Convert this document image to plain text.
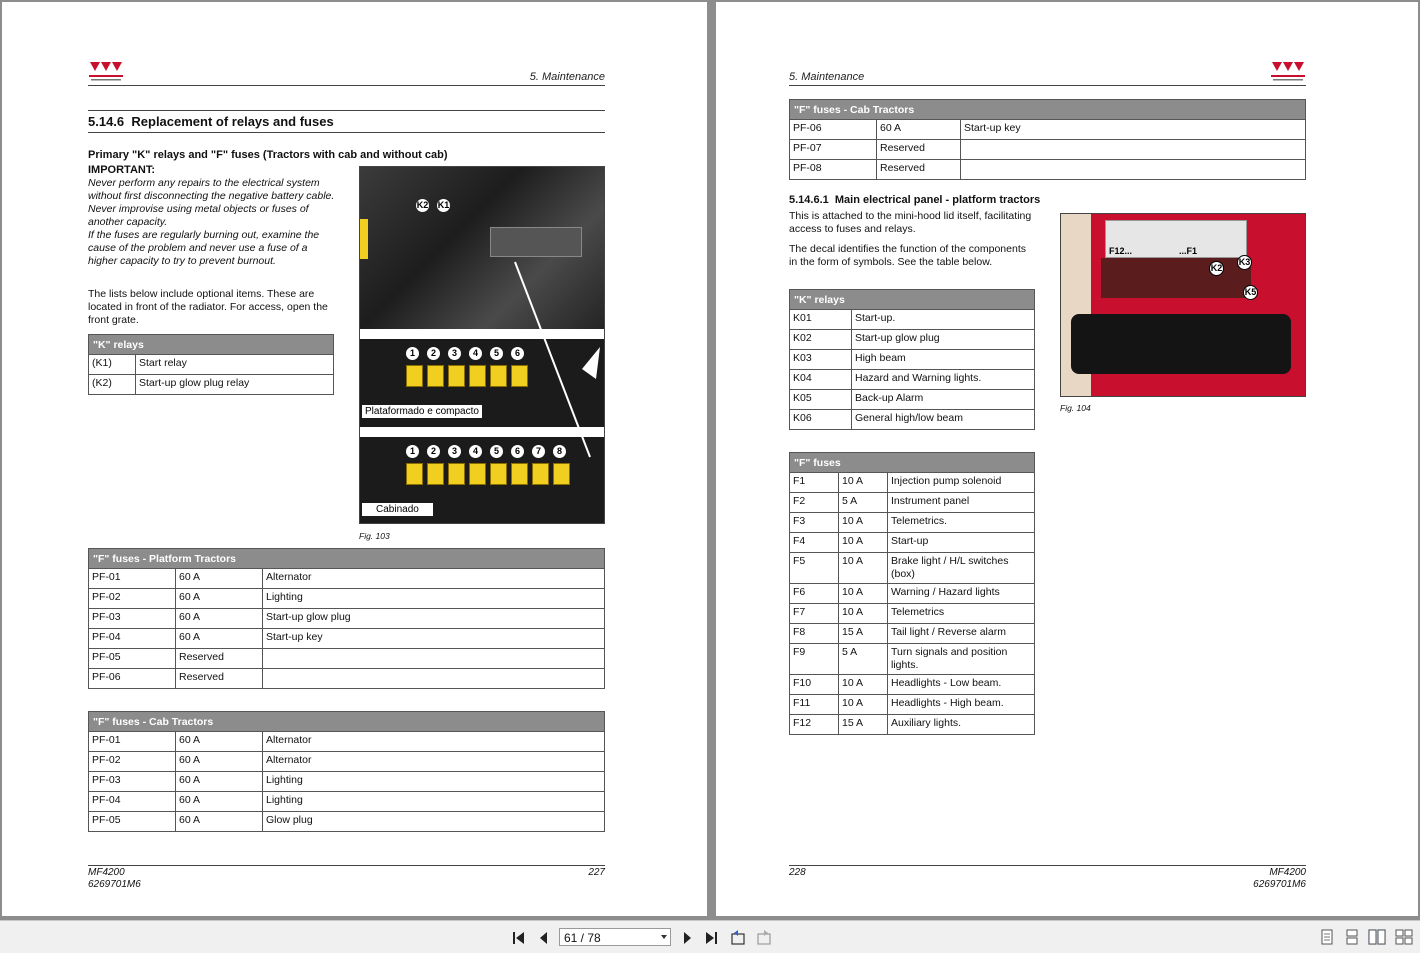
5. Maintenance
5.14.6 Replacement of relays and fuses
Primary "K" relays and "F" fuses (Tractors with cab and without cab)
IMPORTANT:
Never perform any repairs to the electrical system without first disconnecting the negative battery cable.
Never improvise using metal objects or fuses of another capacity.
If the fuses are regularly burning out, examine the cause of the problem and never use a fuse of a higher capacity to try to prevent burnout.
The lists below include optional items. These are located in front of the radiator. For access, open the front grate.
"K" relays	
(K1)	Start relay
(K2)	Start-up glow plug relay
K2 K1
1 2 3 4 5 6
Plataformado e compacto
1 2 3 4 5 6 7 8
Cabinado
Fig. 103
"F" fuses - Platform Tractors		
PF-01	60 A	Alternator
PF-02	60 A	Lighting
PF-03	60 A	Start-up glow plug
PF-04	60 A	Start-up key
PF-05	Reserved	
PF-06	Reserved	
"F" fuses - Cab Tractors		
PF-01	60 A	Alternator
PF-02	60 A	Alternator
PF-03	60 A	Lighting
PF-04	60 A	Lighting
PF-05	60 A	Glow plug
MF4200
6269701M6
227
5. Maintenance
"F" fuses - Cab Tractors		
PF-06	60 A	Start-up key
PF-07	Reserved	
PF-08	Reserved	
5.14.6.1 Main electrical panel - platform tractors
This is attached to the mini-hood lid itself, facilitating access to fuses and relays.
The decal identifies the function of the components in the form of symbols. See the table below.
"K" relays	
K01	Start-up.
K02	Start-up glow plug
K03	High beam
K04	Hazard and Warning lights.
K05	Back-up Alarm
K06	General high/low beam
"F" fuses		
F1	10 A	Injection pump solenoid
F2	5 A	Instrument panel
F3	10 A	Telemetrics.
F4	10 A	Start-up
F5	10 A	Brake light / H/L switches (box)
F6	10 A	Warning / Hazard lights
F7	10 A	Telemetrics
F8	15 A	Tail light / Reverse alarm
F9	5 A	Turn signals and position lights.
F10	10 A	Headlights - Low beam.
F11	10 A	Headlights - High beam.
F12	15 A	Auxiliary lights.
F12...	...F1
K2
K3
K5
Fig. 104
228	MF4200
6269701M6
61 / 78
